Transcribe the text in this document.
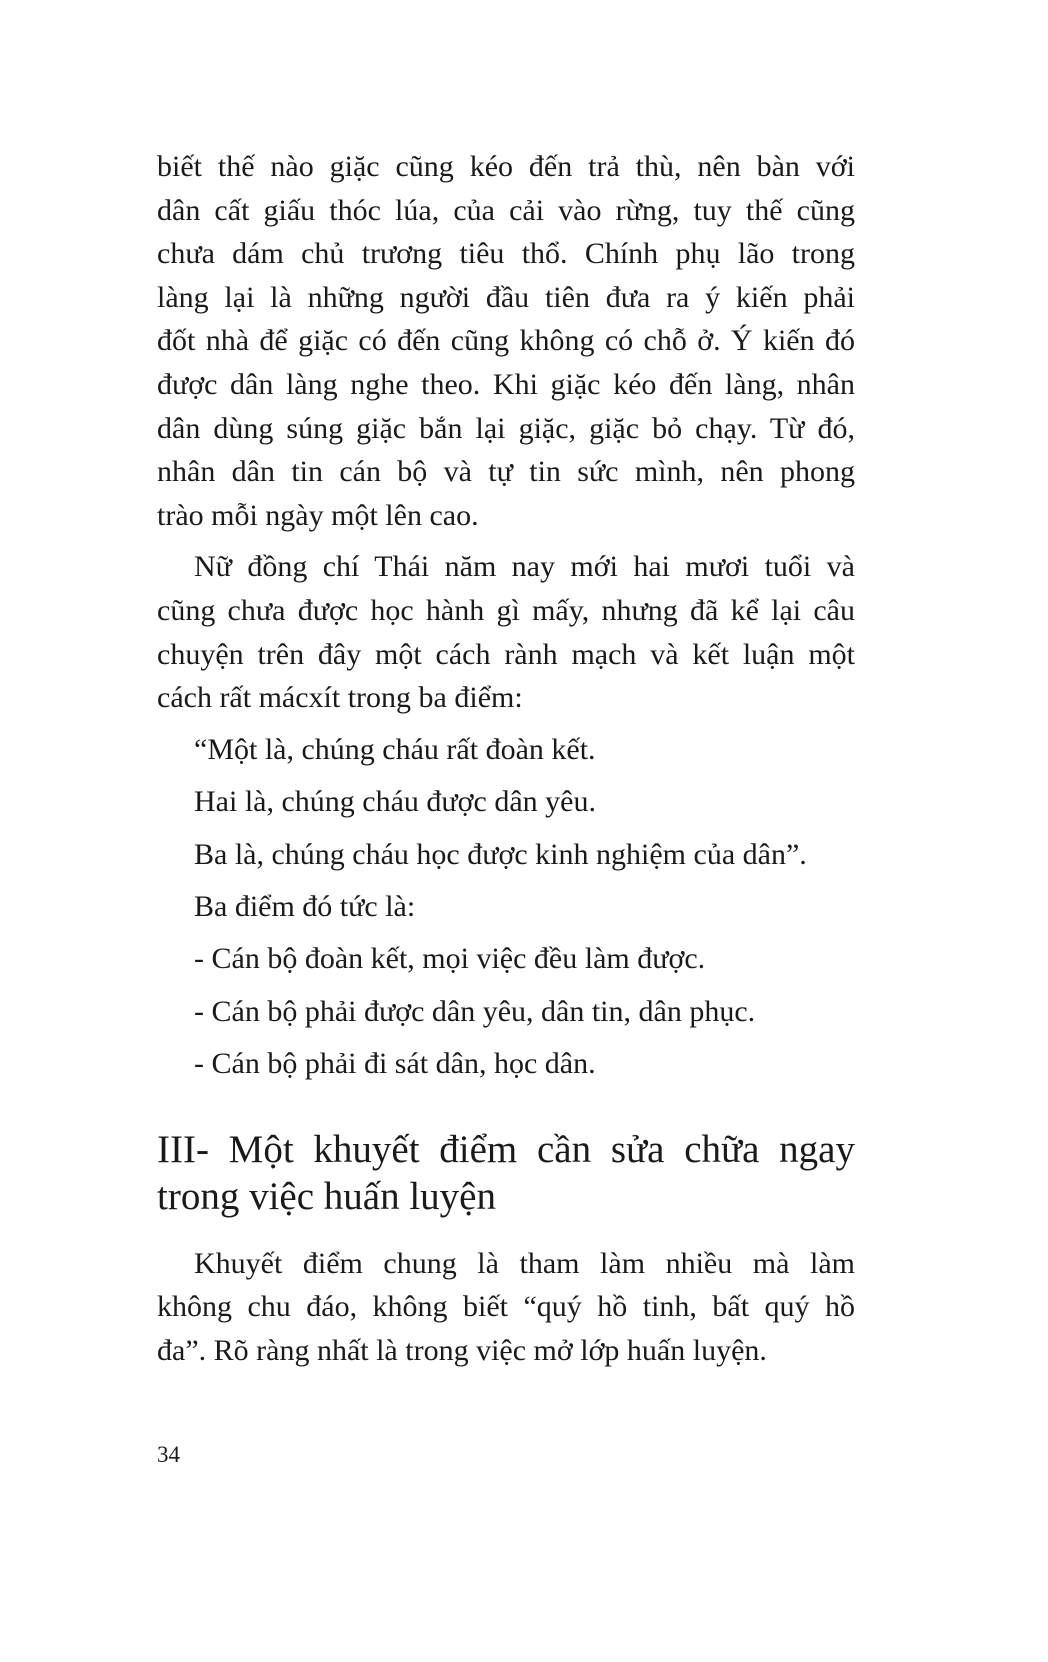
biết thế nào giặc cũng kéo đến trả thù, nên bàn với
dân cất giấu thóc lúa, của cải vào rừng, tuy thế cũng
chưa dám chủ trương tiêu thổ. Chính phụ lão trong
làng lại là những người đầu tiên đưa ra ý kiến phải
đốt nhà để giặc có đến cũng không có chỗ ở. Ý kiến đó
được dân làng nghe theo. Khi giặc kéo đến làng, nhân
dân dùng súng giặc bắn lại giặc, giặc bỏ chạy. Từ đó,
nhân dân tin cán bộ và tự tin sức mình, nên phong
trào mỗi ngày một lên cao.
Nữ đồng chí Thái năm nay mới hai mươi tuổi và
cũng chưa được học hành gì mấy, nhưng đã kể lại câu
chuyện trên đây một cách rành mạch và kết luận một
cách rất mácxít trong ba điểm:
“Một là, chúng cháu rất đoàn kết.
Hai là, chúng cháu được dân yêu.
Ba là, chúng cháu học được kinh nghiệm của dân”.
Ba điểm đó tức là:
- Cán bộ đoàn kết, mọi việc đều làm được.
- Cán bộ phải được dân yêu, dân tin, dân phục.
- Cán bộ phải đi sát dân, học dân.
III- Một khuyết điểm cần sửa chữa ngay
trong việc huấn luyện
Khuyết điểm chung là tham làm nhiều mà làm
không chu đáo, không biết “quý hồ tinh, bất quý hồ
đa”. Rõ ràng nhất là trong việc mở lớp huấn luyện.
34
